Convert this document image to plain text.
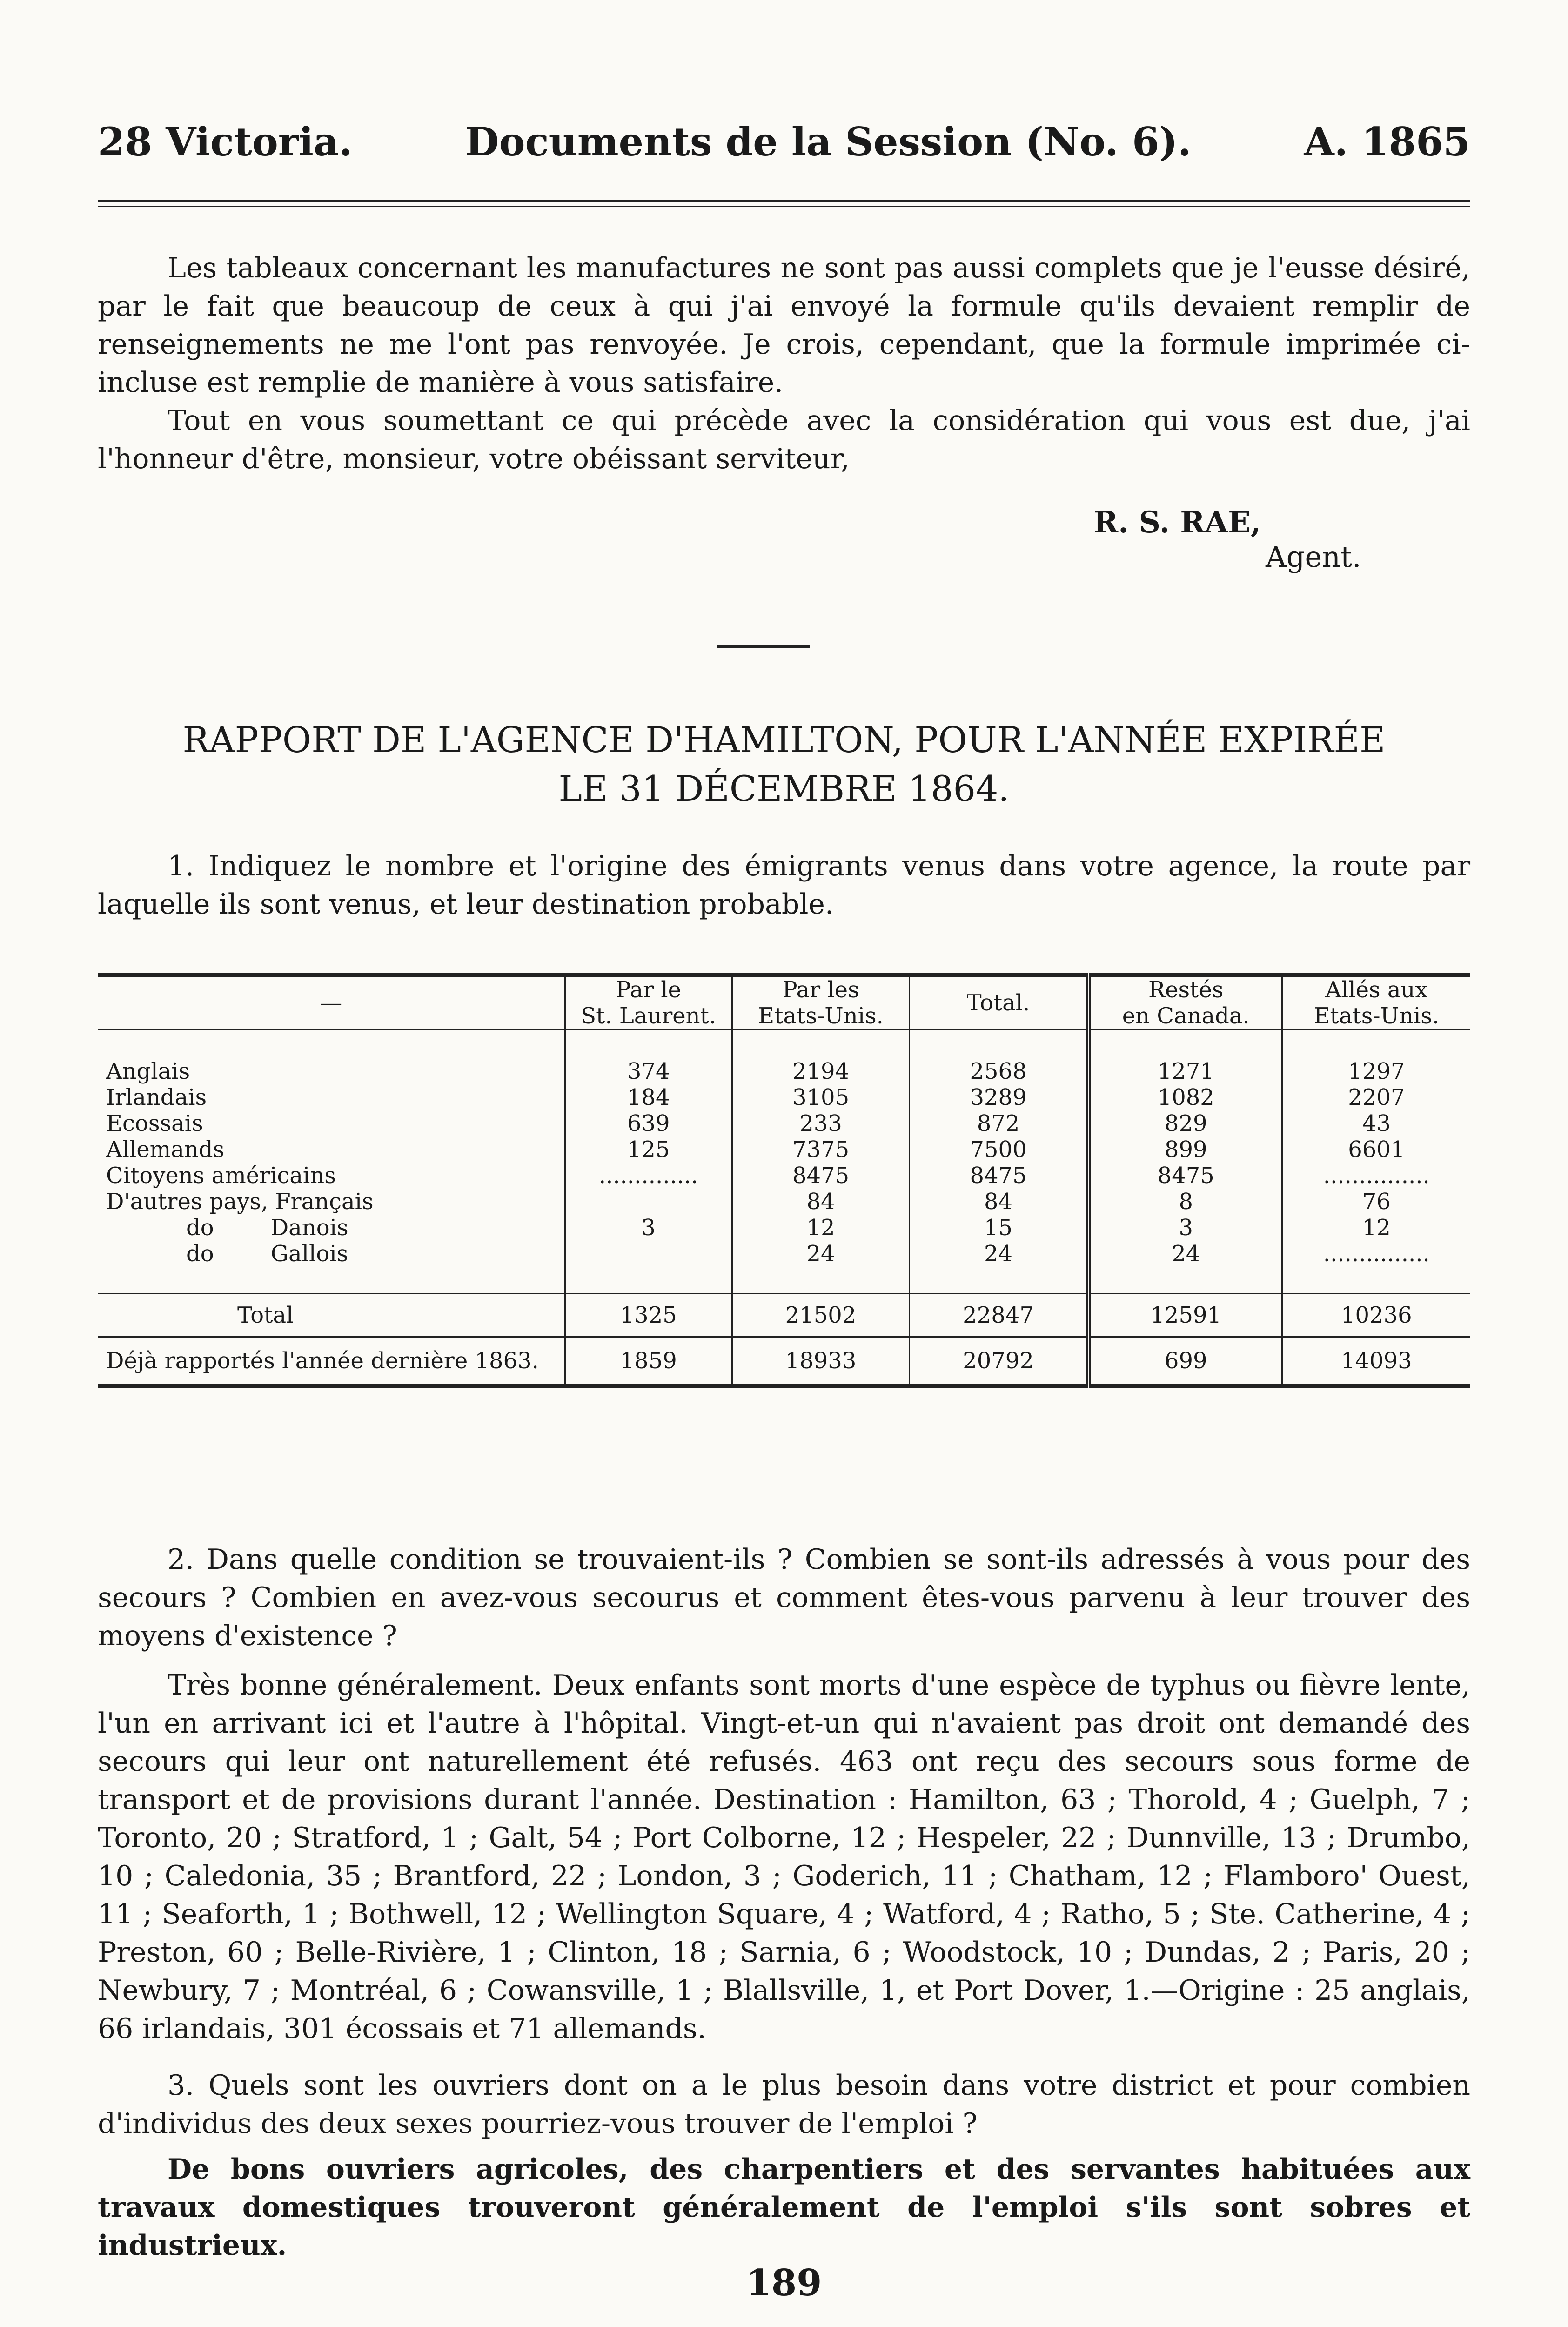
28 Victoria.	Documents de la Session (No. 6).	A. 1865

Les tableaux concernant les manufactures ne sont pas aussi complets que je l'eusse désiré, par le fait que beaucoup de ceux à qui j'ai envoyé la formule qu'ils devaient remplir de renseignements ne me l'ont pas renvoyée. Je crois, cependant, que la formule imprimée ci-incluse est remplie de manière à vous satisfaire.

Tout en vous soumettant ce qui précède avec la considération qui vous est due, j'ai l'honneur d'être, monsieur, votre obéissant serviteur,

R. S. RAE,
Agent.
RAPPORT DE L'AGENCE D'HAMILTON, POUR L'ANNÉE EXPIRÉE
LE 31 DÉCEMBRE 1864.

1. Indiquez le nombre et l'origine des émigrants venus dans votre agence, la route par laquelle ils sont venus, et leur destination probable.

—	Par le	Par les	Total.	Restés	Allés aux
	St. Laurent.	Etats-Unis.		en Canada.	Etats-Unis.

Anglais	374	2194	2568	1271	1297
Irlandais	184	3105	3289	1082	2207
Ecossais	639	233	872	829	43
Allemands	125	7375	7500	899	6601
Citoyens américains	..............	8475	8475	8475	...............
D'autres pays, Français		84	84	8	76
do        Danois	3	12	15	3	12
do        Gallois		24	24	24	...............

Total	1325	21502	22847	12591	10236
Déjà rapportés l'année dernière 1863.	1859	18933	20792	699	14093

2. Dans quelle condition se trouvaient-ils ? Combien se sont-ils adressés à vous pour des secours ? Combien en avez-vous secourus et comment êtes-vous parvenu à leur trouver des moyens d'existence ?

Très bonne généralement. Deux enfants sont morts d'une espèce de typhus ou fièvre lente, l'un en arrivant ici et l'autre à l'hôpital. Vingt-et-un qui n'avaient pas droit ont demandé des secours qui leur ont naturellement été refusés. 463 ont reçu des secours sous forme de transport et de provisions durant l'année. Destination : Hamilton, 63 ; Thorold, 4 ; Guelph, 7 ; Toronto, 20 ; Stratford, 1 ; Galt, 54 ; Port Colborne, 12 ; Hespeler, 22 ; Dunnville, 13 ; Drumbo, 10 ; Caledonia, 35 ; Brantford, 22 ; London, 3 ; Goderich, 11 ; Chatham, 12 ; Flamboro' Ouest, 11 ; Seaforth, 1 ; Bothwell, 12 ; Wellington Square, 4 ; Watford, 4 ; Ratho, 5 ; Ste. Catherine, 4 ; Preston, 60 ; Belle-Rivière, 1 ; Clinton, 18 ; Sarnia, 6 ; Woodstock, 10 ; Dundas, 2 ; Paris, 20 ; Newbury, 7 ; Montréal, 6 ; Cowansville, 1 ; Blallsville, 1, et Port Dover, 1.—Origine : 25 anglais, 66 irlandais, 301 écossais et 71 allemands.

3. Quels sont les ouvriers dont on a le plus besoin dans votre district et pour combien d'individus des deux sexes pourriez-vous trouver de l'emploi ?

De bons ouvriers agricoles, des charpentiers et des servantes habituées aux travaux domestiques trouveront généralement de l'emploi s'ils sont sobres et industrieux.

189
